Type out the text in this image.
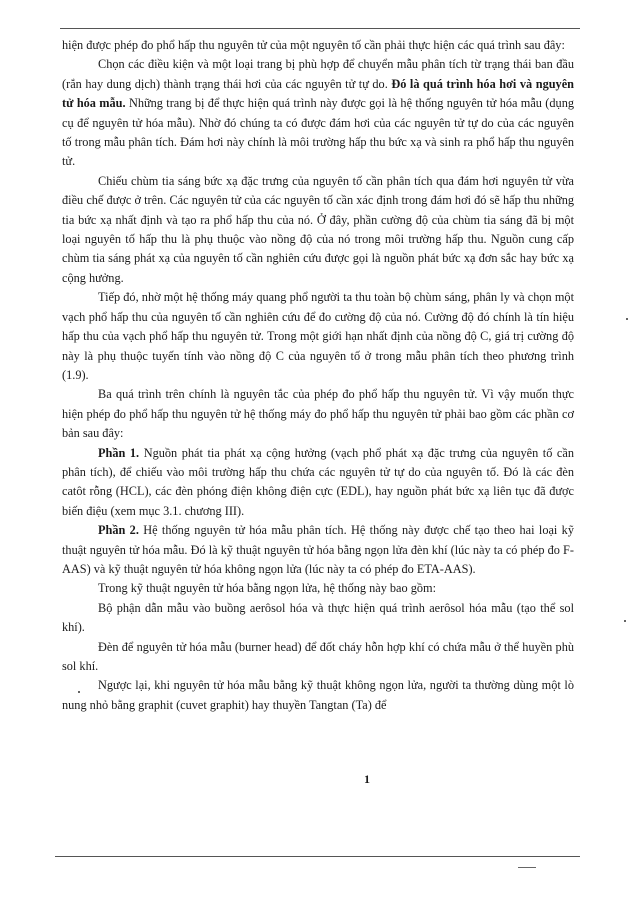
hiện được phép đo phổ hấp thu nguyên tử của một nguyên tố cần phải thực hiện các quá trình sau đây:

Chọn các điều kiện và một loại trang bị phù hợp để chuyển mẫu phân tích từ trạng thái ban đầu (rắn hay dung dịch) thành trạng thái hơi của các nguyên tử tự do. Đó là quá trình hóa hơi và nguyên tử hóa mẫu. Những trang bị để thực hiện quá trình này được gọi là hệ thống nguyên tử hóa mẫu (dụng cụ để nguyên tử hóa mẫu). Nhờ đó chúng ta có được đám hơi của các nguyên tử tự do của các nguyên tố trong mẫu phân tích. Đám hơi này chính là môi trường hấp thu bức xạ và sinh ra phổ hấp thu nguyên tử.

Chiếu chùm tia sáng bức xạ đặc trưng của nguyên tố cần phân tích qua đám hơi nguyên tử vừa điều chế được ở trên. Các nguyên tử của các nguyên tố cần xác định trong đám hơi đó sẽ hấp thu những tia bức xạ nhất định và tạo ra phổ hấp thu của nó. Ở đây, phần cường độ của chùm tia sáng đã bị một loại nguyên tố hấp thu là phụ thuộc vào nồng độ của nó trong môi trường hấp thu. Nguồn cung cấp chùm tia sáng phát xạ của nguyên tố cần nghiên cứu được gọi là nguồn phát bức xạ đơn sắc hay bức xạ cộng hưởng.

Tiếp đó, nhờ một hệ thống máy quang phổ người ta thu toàn bộ chùm sáng, phân ly và chọn một vạch phổ hấp thu của nguyên tố cần nghiên cứu để đo cường độ của nó. Cường độ đó chính là tín hiệu hấp thu của vạch phổ hấp thu nguyên tử. Trong một giới hạn nhất định của nồng độ C, giá trị cường độ này là phụ thuộc tuyến tính vào nồng độ C của nguyên tố ở trong mẫu phân tích theo phương trình (1.9).

Ba quá trình trên chính là nguyên tắc của phép đo phổ hấp thu nguyên tử. Vì vậy muốn thực hiện phép đo phổ hấp thu nguyên tử hệ thống máy đo phổ hấp thu nguyên tử phải bao gồm các phần cơ bản sau đây:

Phần 1. Nguồn phát tia phát xạ cộng hưởng (vạch phổ phát xạ đặc trưng của nguyên tố cần phân tích), để chiếu vào môi trường hấp thu chứa các nguyên tử tự do của nguyên tố. Đó là các đèn catôt rỗng (HCL), các đèn phóng điện không điện cực (EDL), hay nguồn phát bức xạ liên tục đã được biến điệu (xem mục 3.1. chương III).

Phần 2. Hệ thống nguyên tử hóa mẫu phân tích. Hệ thống này được chế tạo theo hai loại kỹ thuật nguyên tử hóa mẫu. Đó là kỹ thuật nguyên tử hóa bằng ngọn lửa đèn khí (lúc này ta có phép đo F-AAS) và kỹ thuật nguyên tử hóa không ngọn lửa (lúc này ta có phép đo ETA-AAS).

Trong kỹ thuật nguyên tử hóa bằng ngọn lửa, hệ thống này bao gồm:

Bộ phận dẫn mẫu vào buồng aerôsol hóa và thực hiện quá trình aerôsol hóa mẫu (tạo thể sol khí).

Đèn để nguyên tử hóa mẫu (burner head) để đốt cháy hỗn hợp khí có chứa mẫu ở thể huyền phù sol khí.

Ngược lại, khi nguyên tử hóa mẫu bằng kỹ thuật không ngọn lửa, người ta thường dùng một lò nung nhỏ bằng graphit (cuvet graphit) hay thuyền Tangtan (Ta) để

1
